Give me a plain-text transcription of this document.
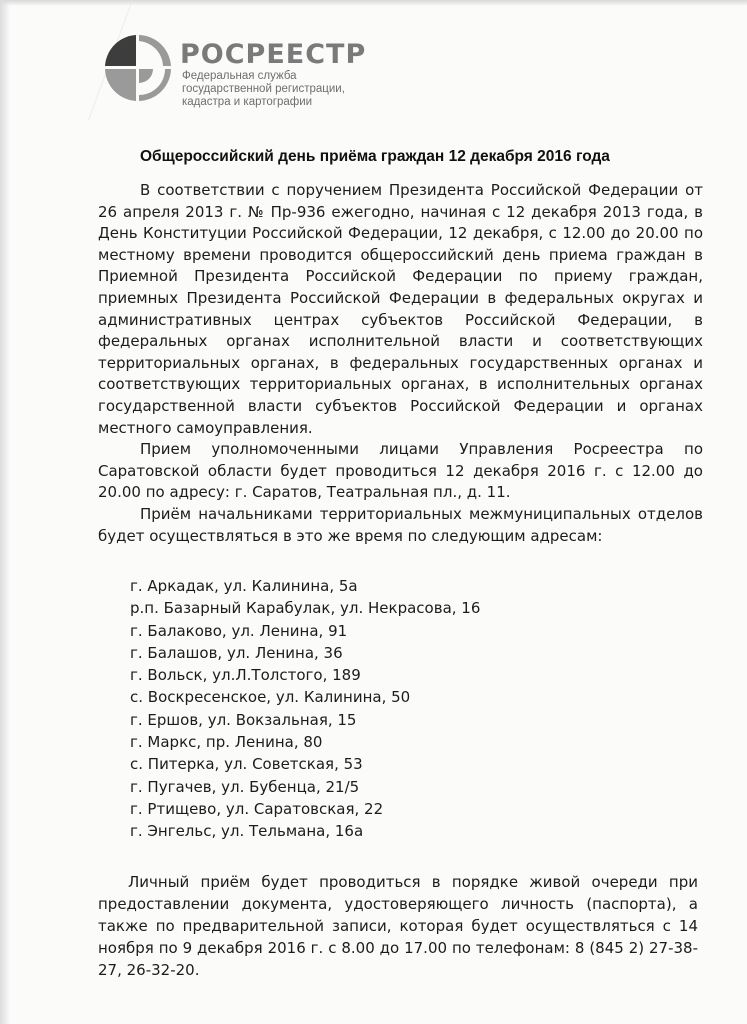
РОСРЕЕСТР
Федеральная служба
государственной регистрации,
кадастра и картографии
Общероссийский день приёма граждан 12 декабря 2016 года

В соответствии с поручением Президента Российской Федерации от 26 апреля 2013 г. № Пр-936 ежегодно, начиная с 12 декабря 2013 года, в День Конституции Российской Федерации, 12 декабря, с 12.00 до 20.00 по местному времени проводится общероссийский день приема граждан в Приемной Президента Российской Федерации по приему граждан, приемных Президента Российской Федерации в федеральных округах и административных центрах субъектов Российской Федерации, в федеральных органах исполнительной власти и соответствующих территориальных органах, в федеральных государственных органах и соответствующих территориальных органах, в исполнительных органах государственной власти субъектов Российской Федерации и органах местного самоуправления.

Прием уполномоченными лицами Управления Росреестра по Саратовской области будет проводиться 12 декабря 2016 г. с 12.00 до 20.00 по адресу: г. Саратов, Театральная пл., д. 11.

Приём начальниками территориальных межмуниципальных отделов будет осуществляться в это же время по следующим адресам:

г. Аркадак, ул. Калинина, 5а
р.п. Базарный Карабулак, ул. Некрасова, 16
г. Балаково, ул. Ленина, 91
г. Балашов, ул. Ленина, 36
г. Вольск, ул.Л.Толстого, 189
с. Воскресенское, ул. Калинина, 50
г. Ершов, ул. Вокзальная, 15
г. Маркс, пр. Ленина, 80
с. Питерка, ул. Советская, 53
г. Пугачев, ул. Бубенца, 21/5
г. Ртищево, ул. Саратовская, 22
г. Энгельс, ул. Тельмана, 16а

Личный приём будет проводиться в порядке живой очереди при предоставлении документа, удостоверяющего личность (паспорта), а также по предварительной записи, которая будет осуществляться с 14 ноября по 9 декабря 2016 г. с 8.00 до 17.00 по телефонам: 8 (845 2) 27-38-27, 26-32-20.
